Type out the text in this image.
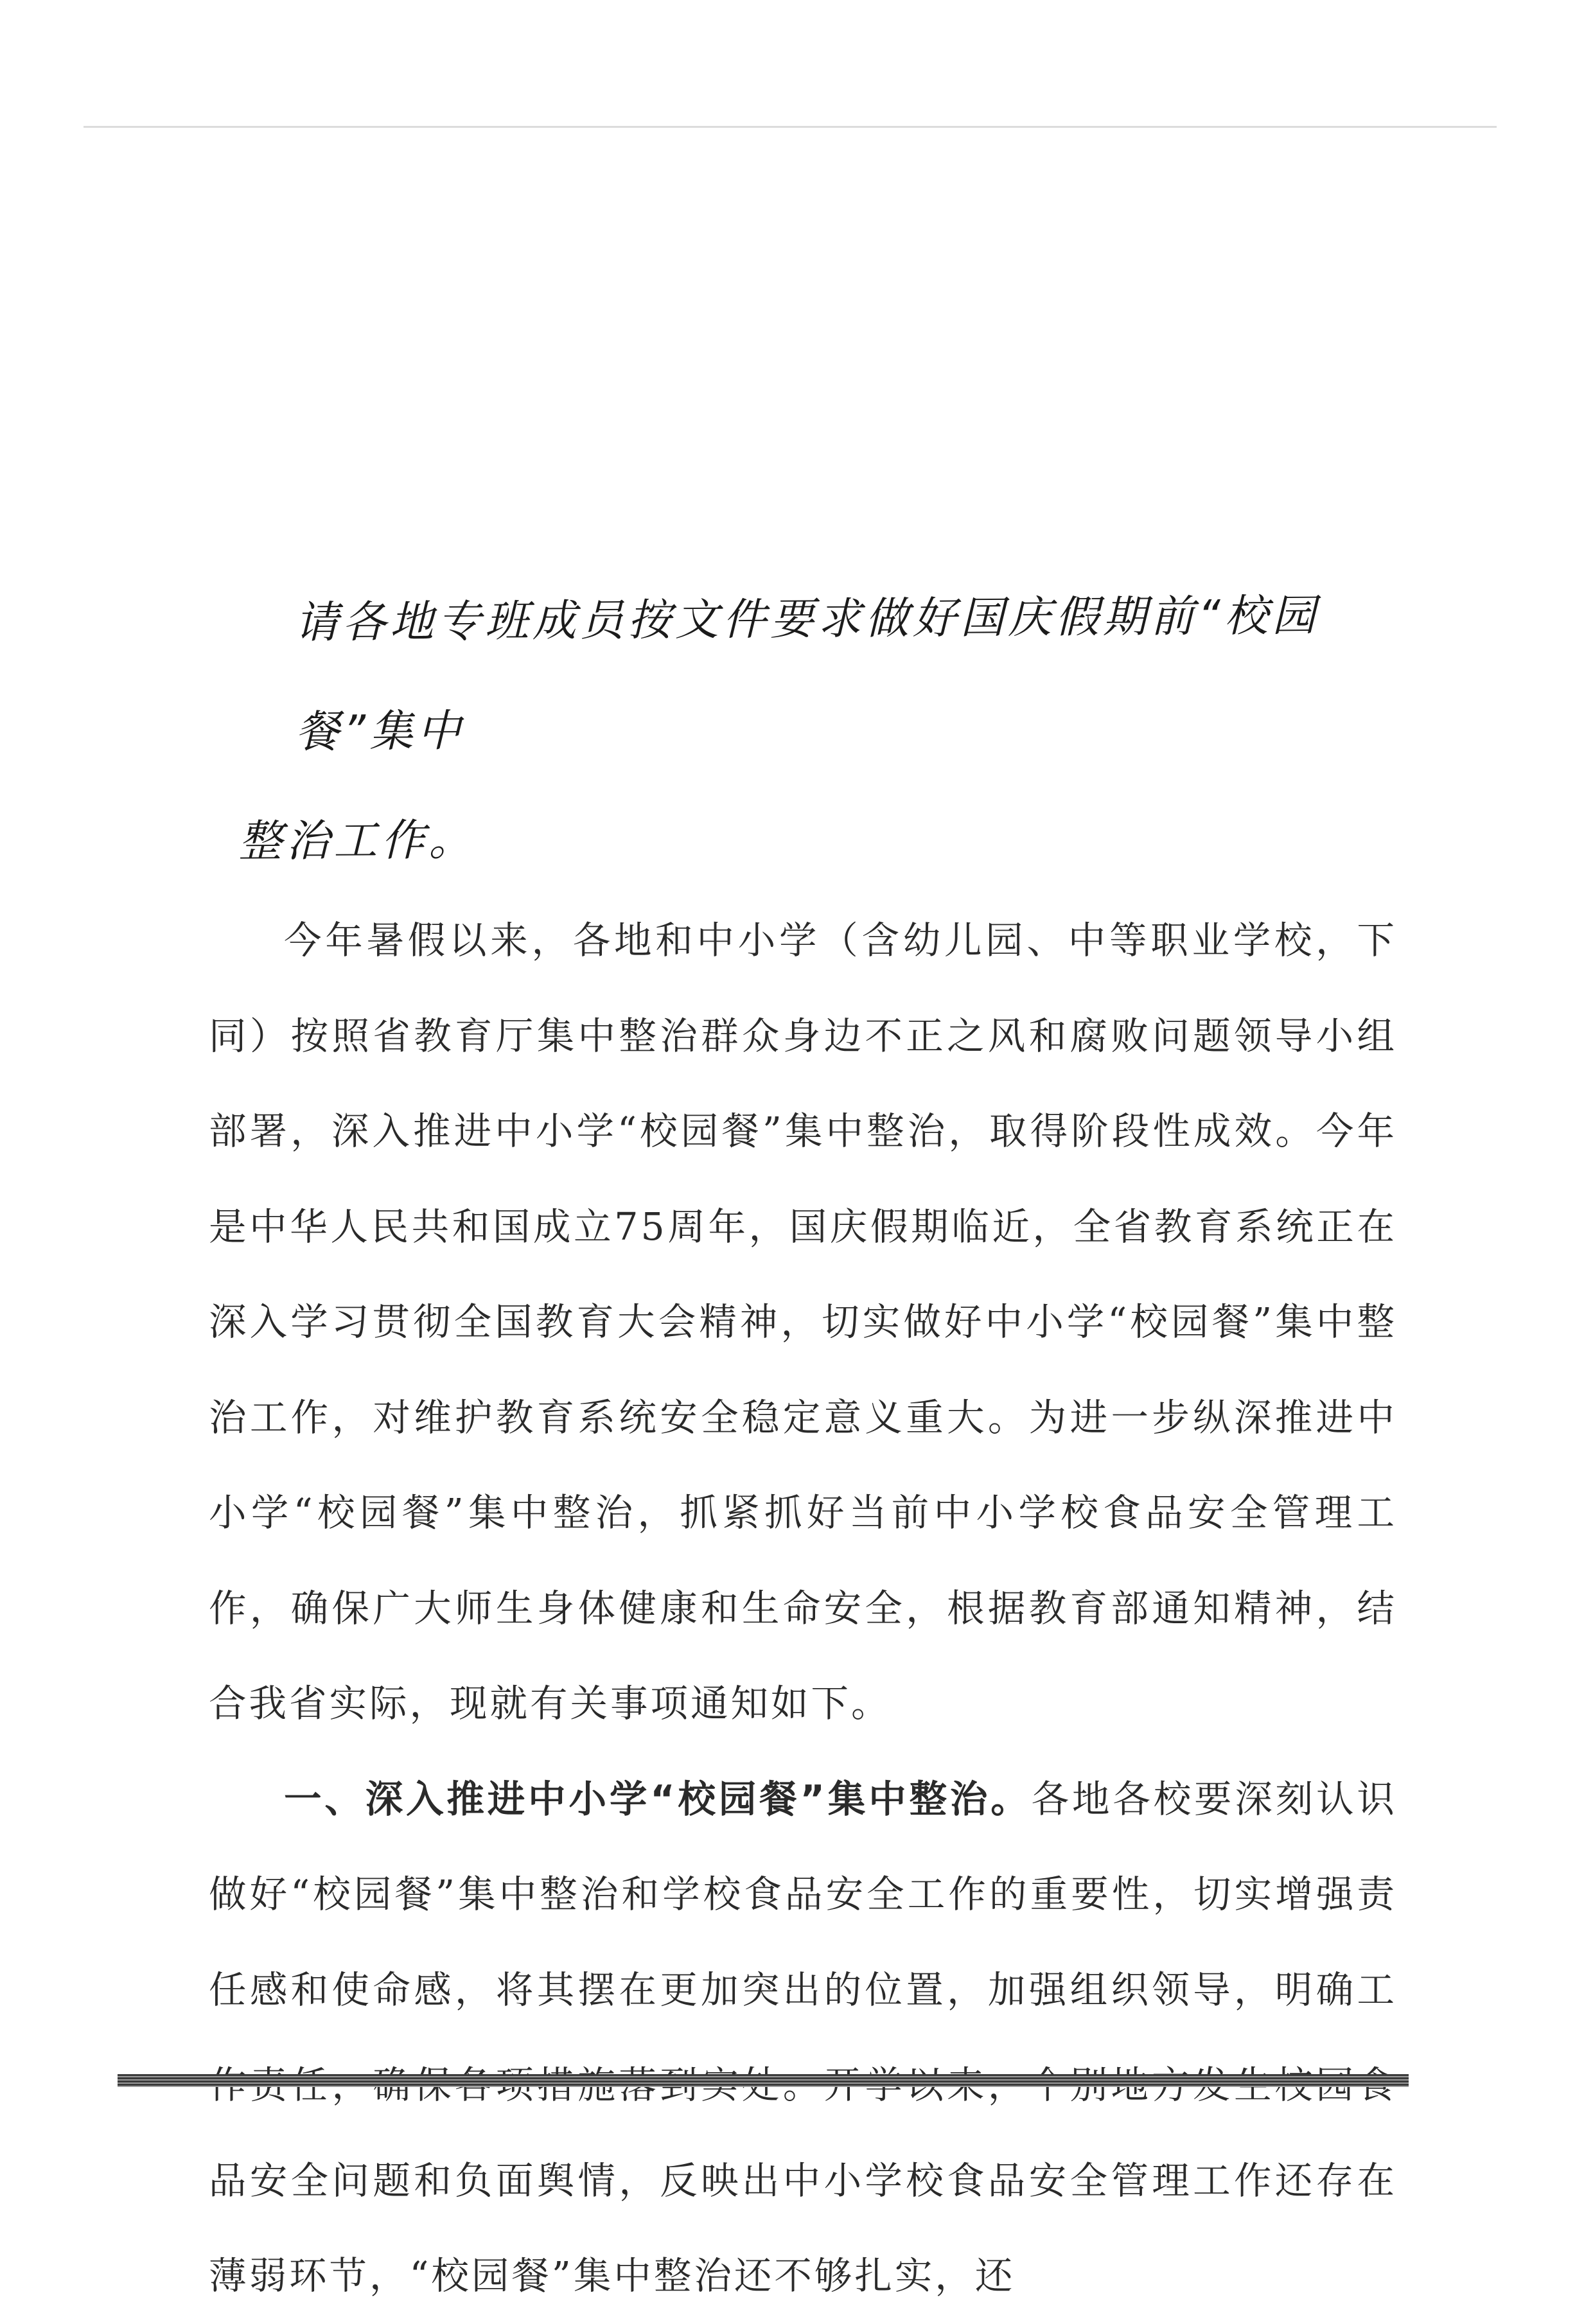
请各地专班成员按文件要求做好国庆假期前“校园餐”集中
整治工作。

今年暑假以来，各地和中小学（含幼儿园、中等职业学校，下同）按照省教育厅集中整治群众身边不正之风和腐败问题领导小组部署，深入推进中小学“校园餐”集中整治，取得阶段性成效。今年是中华人民共和国成立75周年，国庆假期临近，全省教育系统正在深入学习贯彻全国教育大会精神，切实做好中小学“校园餐”集中整治工作，对维护教育系统安全稳定意义重大。为进一步纵深推进中小学“校园餐”集中整治，抓紧抓好当前中小学校食品安全管理工作，确保广大师生身体健康和生命安全，根据教育部通知精神，结合我省实际，现就有关事项通知如下。

一、深入推进中小学“校园餐”集中整治。各地各校要深刻认识做好“校园餐”集中整治和学校食品安全工作的重要性，切实增强责任感和使命感，将其摆在更加突出的位置，加强组织领导，明确工 品安全问题和负面舆情，反映出中小学校食品安全管理工作还存在薄弱环节，“校园餐”集中整治还不够扎实，还
